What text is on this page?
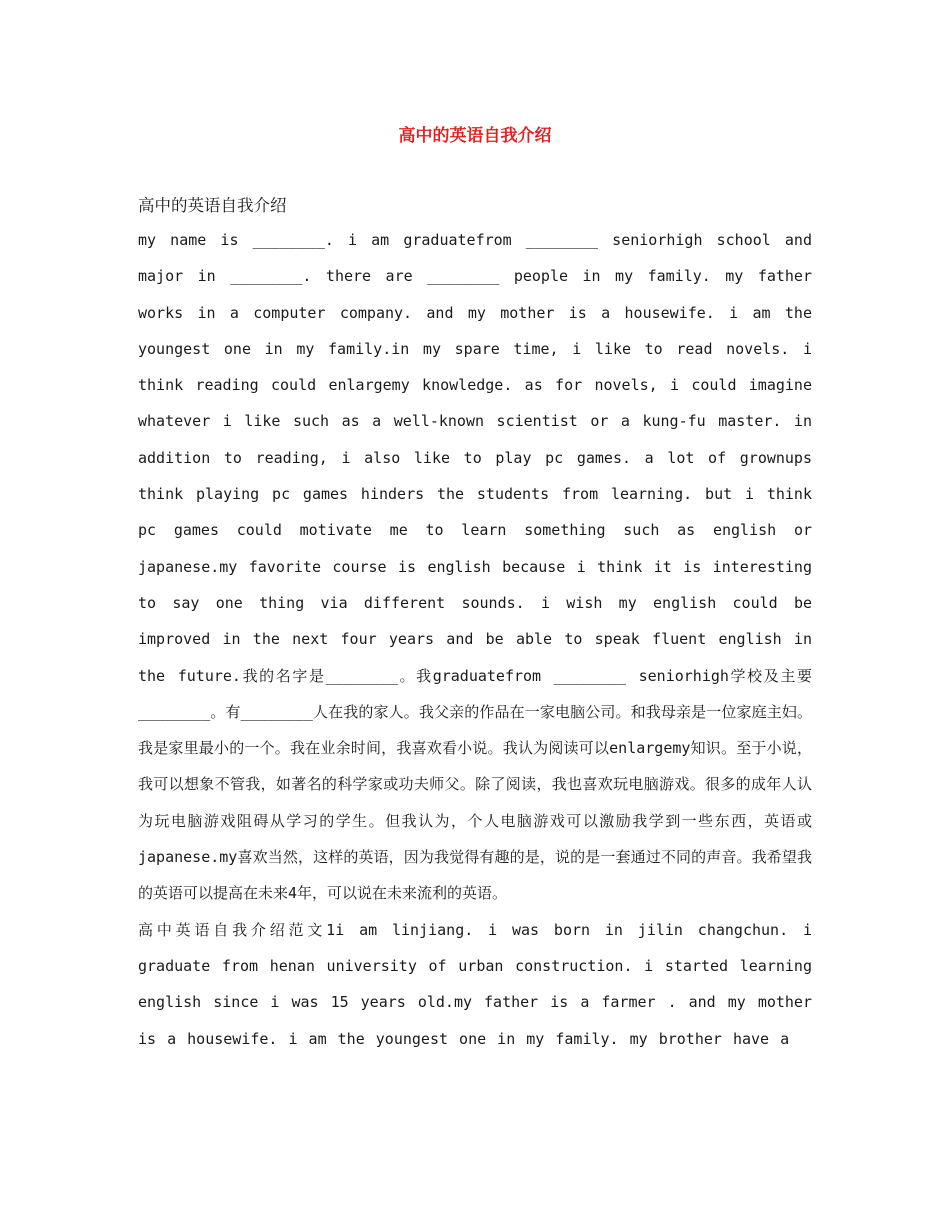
高中的英语自我介绍
高中的英语自我介绍

my name is ________. i am graduatefrom ________ seniorhigh school and major in ________. there are ________ people in my family. my father works in a computer company. and my mother is a housewife. i am the youngest one in my family.in my spare time, i like to read novels. i think reading could enlargemy knowledge. as for novels, i could imagine whatever i like such as a well-known scientist or a kung-fu master. in addition to reading, i also like to play pc games. a lot of grownups think playing pc games hinders the students from learning. but i think pc games could motivate me to learn something such as english or japanese.my favorite course is english because i think it is interesting to say one thing via different sounds. i wish my english could be improved in the next four years and be able to speak fluent english in the future.我的名字是________。我graduatefrom ________ seniorhigh学校及主要________。有________人在我的家人。我父亲的作品在一家电脑公司。和我母亲是一位家庭主妇。我是家里最小的一个。我在业余时间，我喜欢看小说。我认为阅读可以enlargemy知识。至于小说，我可以想象不管我，如著名的科学家或功夫师父。除了阅读，我也喜欢玩电脑游戏。很多的成年人认为玩电脑游戏阻碍从学习的学生。但我认为，个人电脑游戏可以激励我学到一些东西，英语或japanese.my喜欢当然，这样的英语，因为我觉得有趣的是，说的是一套通过不同的声音。我希望我的英语可以提高在未来4年，可以说在未来流利的英语。

高中英语自我介绍范文1i am linjiang. i was born in jilin changchun. i graduate from henan university of urban construction. i started learning english since i was 15 years old.my father is a farmer . and my mother is a housewife. i am the youngest one in my family. my brother have a
